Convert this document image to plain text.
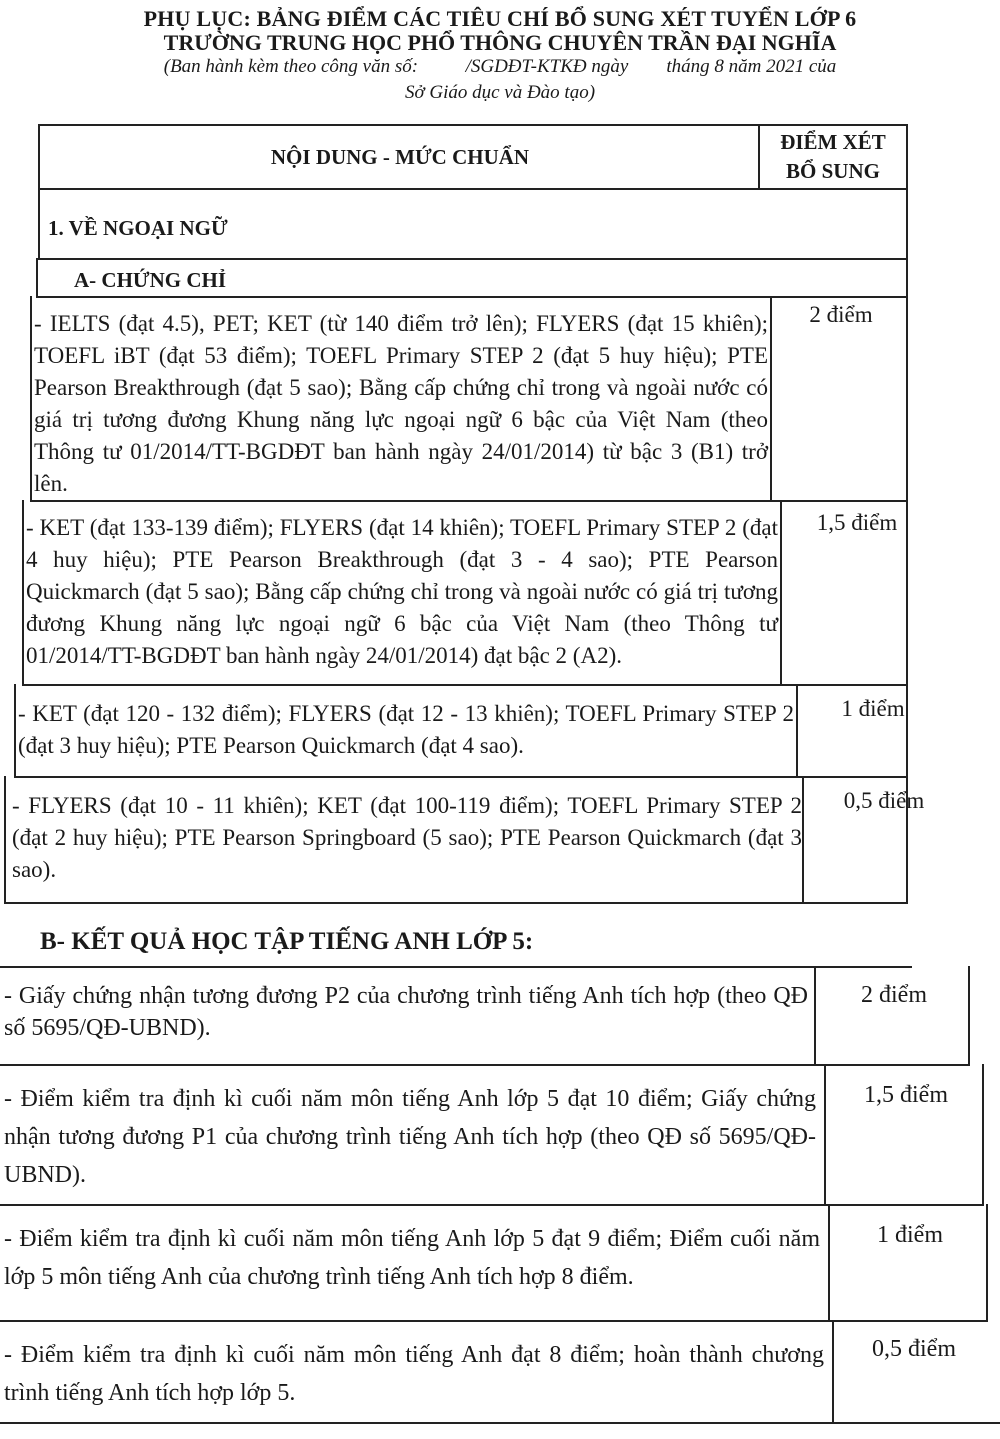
PHỤ LỤC: BẢNG ĐIỂM CÁC TIÊU CHÍ BỔ SUNG XÉT TUYỂN LỚP 6
TRƯỜNG TRUNG HỌC PHỔ THÔNG CHUYÊN TRẦN ĐẠI NGHĨA
(Ban hành kèm theo công văn số:          /SGDĐT-KTKĐ ngày        tháng 8 năm 2021 của
Sở Giáo dục và Đào tạo)
NỘI DUNG - MỨC CHUẨN
ĐIỂM XÉT
BỔ SUNG
1. VỀ NGOẠI NGỮ
A- CHỨNG CHỈ
- IELTS (đạt 4.5), PET; KET (từ 140 điểm trở lên); FLYERS (đạt 15 khiên); TOEFL iBT (đạt 53 điểm); TOEFL Primary STEP 2 (đạt 5 huy hiệu); PTE Pearson Breakthrough (đạt 5 sao); Bằng cấp chứng chỉ trong và ngoài nước có giá trị tương đương Khung năng lực ngoại ngữ 6 bậc của Việt Nam (theo Thông tư 01/2014/TT-BGDĐT ban hành ngày 24/01/2014) từ bậc 3 (B1) trở lên.
2 điểm
- KET (đạt 133-139 điểm); FLYERS (đạt 14 khiên); TOEFL Primary STEP 2 (đạt 4 huy hiệu); PTE Pearson Breakthrough (đạt 3 - 4 sao); PTE Pearson Quickmarch (đạt 5 sao); Bằng cấp chứng chỉ trong và ngoài nước có giá trị tương đương Khung năng lực ngoại ngữ 6 bậc của Việt Nam (theo Thông tư 01/2014/TT-BGDĐT ban hành ngày 24/01/2014) đạt bậc 2 (A2).
1,5 điểm
- KET (đạt 120 - 132 điểm); FLYERS (đạt 12 - 13 khiên); TOEFL Primary STEP 2 (đạt 3 huy hiệu); PTE Pearson Quickmarch (đạt 4 sao).
1 điểm
- FLYERS (đạt 10 - 11 khiên); KET (đạt 100-119 điểm); TOEFL Primary STEP 2 (đạt 2 huy hiệu); PTE Pearson Springboard (5 sao); PTE Pearson Quickmarch (đạt 3 sao).
0,5 điểm
B- KẾT QUẢ HỌC TẬP TIẾNG ANH LỚP 5:
- Giấy chứng nhận tương đương P2 của chương trình tiếng Anh tích hợp (theo QĐ số 5695/QĐ-UBND).
2 điểm
- Điểm kiểm tra định kì cuối năm môn tiếng Anh lớp 5 đạt 10 điểm; Giấy chứng nhận tương đương P1 của chương trình tiếng Anh tích hợp (theo QĐ số 5695/QĐ-UBND).
1,5 điểm
- Điểm kiểm tra định kì cuối năm môn tiếng Anh lớp 5 đạt 9 điểm; Điểm cuối năm lớp 5 môn tiếng Anh của chương trình tiếng Anh tích hợp 8 điểm.
1 điểm
- Điểm kiểm tra định kì cuối năm môn tiếng Anh đạt 8 điểm; hoàn thành chương trình tiếng Anh tích hợp lớp 5.
0,5 điểm
